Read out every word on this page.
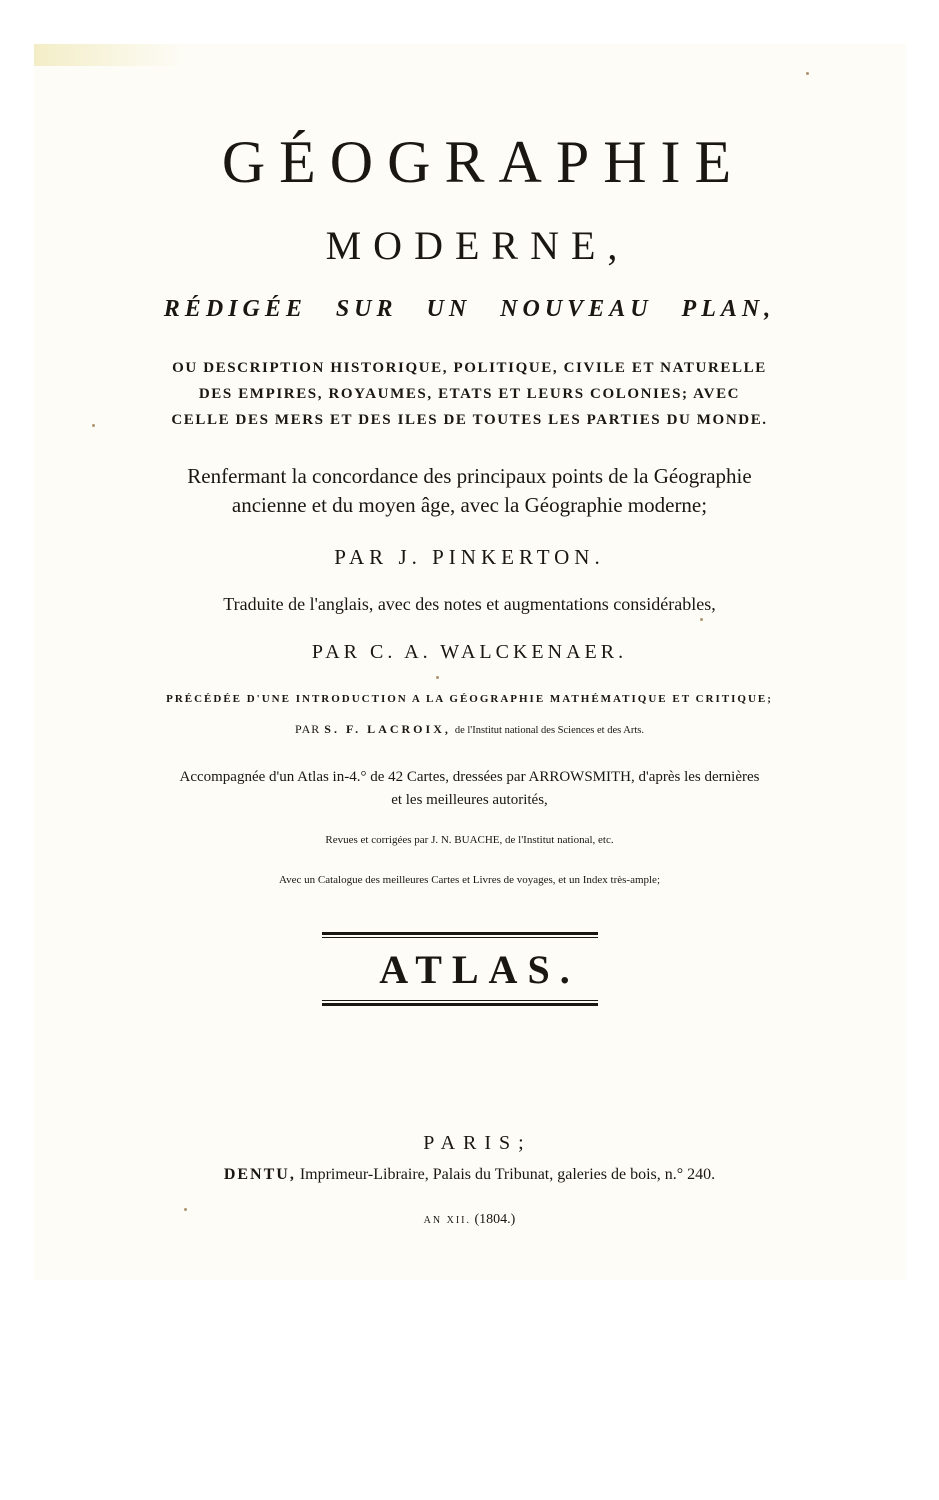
GÉOGRAPHIE
MODERNE,
RÉDIGÉE SUR UN NOUVEAU PLAN,
OU DESCRIPTION HISTORIQUE, POLITIQUE, CIVILE ET NATURELLE
DES EMPIRES, ROYAUMES, ETATS ET LEURS COLONIES; AVEC
CELLE DES MERS ET DES ILES DE TOUTES LES PARTIES DU MONDE.
Renfermant la concordance des principaux points de la Géographie
ancienne et du moyen âge, avec la Géographie moderne;
PAR J. PINKERTON.
Traduite de l'anglais, avec des notes et augmentations considérables,
PAR C. A. WALCKENAER.
PRÉCÉDÉE D'UNE INTRODUCTION A LA GÉOGRAPHIE MATHÉMATIQUE ET CRITIQUE;
PAR S. F. LACROIX, de l'Institut national des Sciences et des Arts.
Accompagnée d'un Atlas in-4.° de 42 Cartes, dressées par ARROWSMITH, d'après les dernières
et les meilleures autorités,
Revues et corrigées par J. N. BUACHE, de l'Institut national, etc.
Avec un Catalogue des meilleures Cartes et Livres de voyages, et un Index très-ample;
ATLAS.
PARIS;
DENTU, Imprimeur-Libraire, Palais du Tribunat, galeries de bois, n.° 240.
AN XII. (1804.)
